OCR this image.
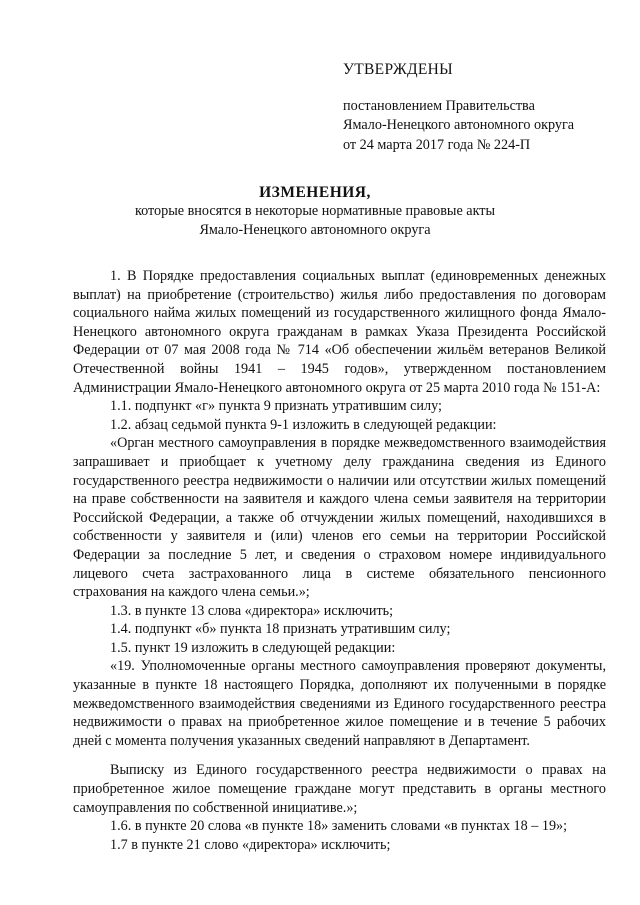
УТВЕРЖДЕНЫ
постановлением Правительства
Ямало-Ненецкого автономного округа
от 24 марта 2017 года № 224-П
ИЗМЕНЕНИЯ,
которые вносятся в некоторые нормативные правовые акты
Ямало-Ненецкого автономного округа

1. В Порядке предоставления социальных выплат (единовременных денежных выплат) на приобретение (строительство) жилья либо предоставления по договорам социального найма жилых помещений из государственного жилищного фонда Ямало-Ненецкого автономного округа гражданам в рамках Указа Президента Российской Федерации от 07 мая 2008 года № 714 «Об обеспечении жильём ветеранов Великой Отечественной войны 1941 – 1945 годов», утвержденном постановлением Администрации Ямало-Ненецкого автономного округа от 25 марта 2010 года № 151-А:

1.1. подпункт «г» пункта 9 признать утратившим силу;

1.2. абзац седьмой пункта 9-1 изложить в следующей редакции:

«Орган местного самоуправления в порядке межведомственного взаимодействия запрашивает и приобщает к учетному делу гражданина сведения из Единого государственного реестра недвижимости о наличии или отсутствии жилых помещений на праве собственности на заявителя и каждого члена семьи заявителя на территории Российской Федерации, а также об отчуждении жилых помещений, находившихся в собственности у заявителя и (или) членов его семьи на территории Российской Федерации за последние 5 лет, и сведения о страховом номере индивидуального лицевого счета застрахованного лица в системе обязательного пенсионного страхования на каждого члена семьи.»;

1.3. в пункте 13 слова «директора» исключить;

1.4. подпункт «б» пункта 18 признать утратившим силу;

1.5. пункт 19 изложить в следующей редакции:

«19. Уполномоченные органы местного самоуправления проверяют документы, указанные в пункте 18 настоящего Порядка, дополняют их полученными в порядке межведомственного взаимодействия сведениями из Единого государственного реестра недвижимости о правах на приобретенное жилое помещение и в течение 5 рабочих дней с момента получения указанных сведений направляют в Департамент.

Выписку из Единого государственного реестра недвижимости о правах на приобретенное жилое помещение граждане могут представить в органы местного самоуправления по собственной инициативе.»;

1.6. в пункте 20 слова «в пункте 18» заменить словами «в пунктах 18 – 19»;

1.7 в пункте 21 слово «директора» исключить;
